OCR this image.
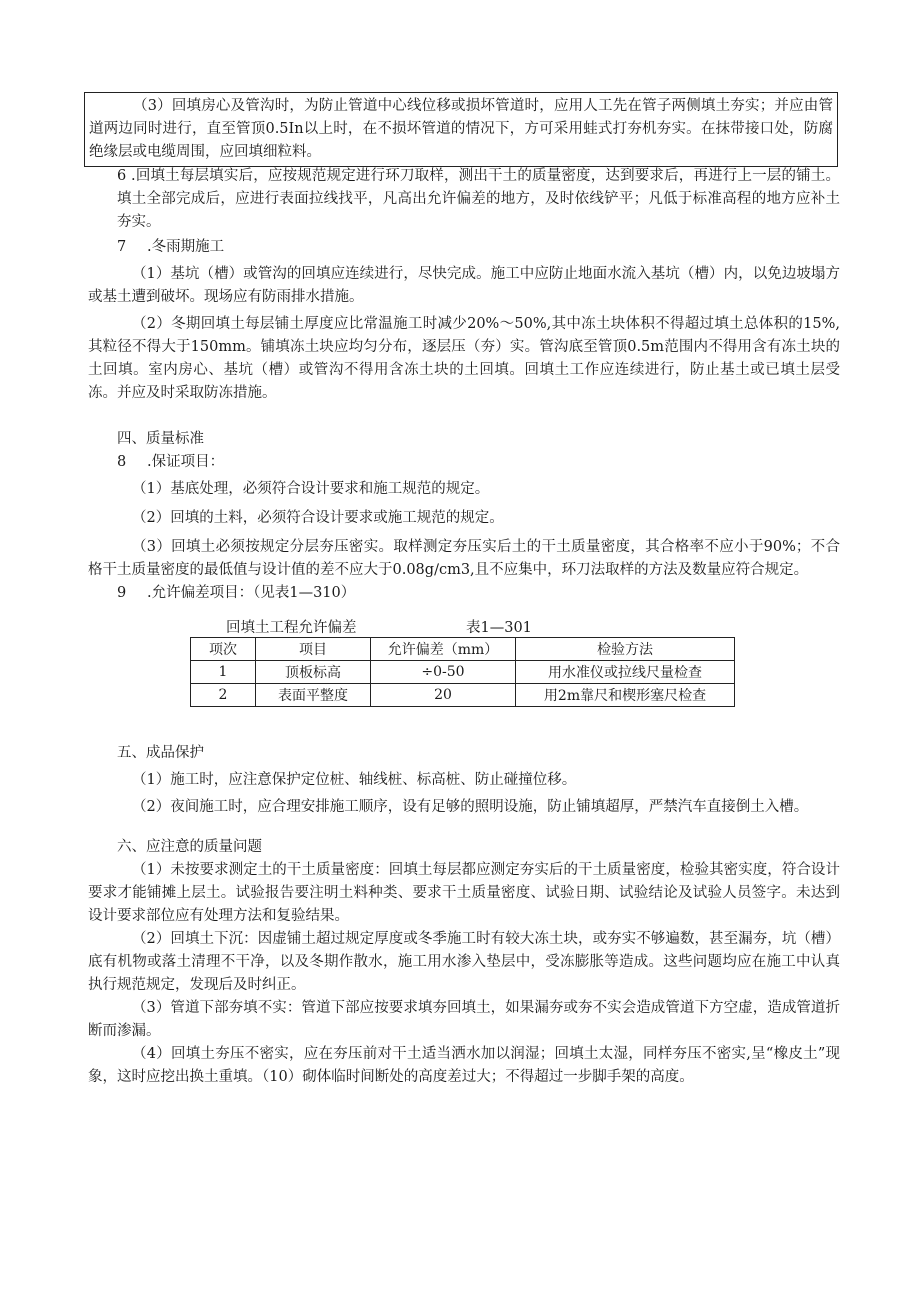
（3）回填房心及管沟时，为防止管道中心线位移或损坏管道时，应用人工先在管子两侧填土夯实；并应由管道两边同时进行，直至管顶0.5In以上时，在不损坏管道的情况下，方可采用蛙式打夯机夯实。在抹带接口处，防腐绝缘层或电缆周围，应回填细粒料。

6 .回填土每层填实后，应按规范规定进行环刀取样，测出干土的质量密度，达到要求后，再进行上一层的铺土。填土全部完成后，应进行表面拉线找平，凡高出允许偏差的地方，及时依线铲平；凡低于标准高程的地方应补土夯实。

7 .冬雨期施工

（1）基坑（槽）或管沟的回填应连续进行，尽快完成。施工中应防止地面水流入基坑（槽）内，以免边坡塌方或基土遭到破坏。现场应有防雨排水措施。

（2）冬期回填土每层铺土厚度应比常温施工时减少20%～50%,其中冻土块体积不得超过填土总体积的15%,其粒径不得大于150mm。铺填冻土块应均匀分布，逐层压（夯）实。管沟底至管顶0.5m范围内不得用含有冻土块的土回填。室内房心、基坑（槽）或管沟不得用含冻土块的土回填。回填土工作应连续进行，防止基土或已填土层受冻。并应及时采取防冻措施。

四、质量标准

8 .保证项目：

（1）基底处理，必须符合设计要求和施工规范的规定。

（2）回填的土料，必须符合设计要求或施工规范的规定。

（3）回填土必须按规定分层夯压密实。取样测定夯压实后土的干土质量密度，其合格率不应小于90%；不合格干土质量密度的最低值与设计值的差不应大于0.08g∕cm3,且不应集中，环刀法取样的方法及数量应符合规定。

9 .允许偏差项目：（见表1—310）

回填土工程允许偏差	表1—301
项次	项目	允许偏差（mm）	检验方法
1	顶板标高	÷0-50	用水准仪或拉线尺量检查
2	表面平整度	20	用2m靠尺和楔形塞尺检查

五、成品保护

（1）施工时，应注意保护定位桩、轴线桩、标高桩、防止碰撞位移。

（2）夜间施工时，应合理安排施工顺序，设有足够的照明设施，防止铺填超厚，严禁汽车直接倒土入槽。

六、应注意的质量问题

（1）未按要求测定土的干土质量密度：回填土每层都应测定夯实后的干土质量密度，检验其密实度，符合设计要求才能铺摊上层土。试验报告要注明土料种类、要求干土质量密度、试验日期、试验结论及试验人员签字。未达到设计要求部位应有处理方法和复验结果。

（2）回填土下沉：因虚铺土超过规定厚度或冬季施工时有较大冻土块，或夯实不够遍数，甚至漏夯，坑（槽）底有机物或落土清理不干净，以及冬期作散水，施工用水渗入垫层中，受冻膨胀等造成。这些问题均应在施工中认真执行规范规定，发现后及时纠正。

（3）管道下部夯填不实：管道下部应按要求填夯回填土，如果漏夯或夯不实会造成管道下方空虚，造成管道折断而渗漏。

（4）回填土夯压不密实，应在夯压前对干土适当洒水加以润湿；回填土太湿，同样夯压不密实,呈“橡皮土”现象，这时应挖出换土重填。（10）砌体临时间断处的高度差过大；不得超过一步脚手架的高度。
